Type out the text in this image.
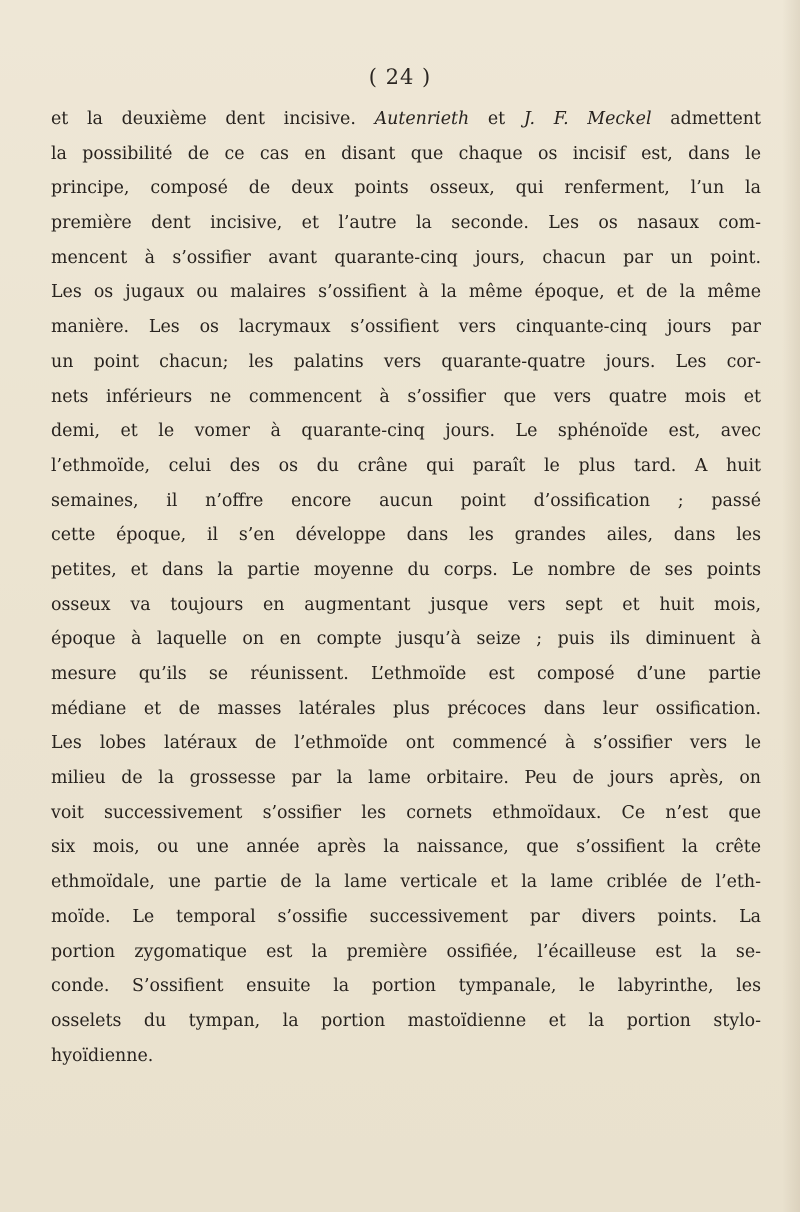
( 24 )
et la deuxième dent incisive. Autenrieth et J. F. Meckel admettent
la possibilité de ce cas en disant que chaque os incisif est, dans le
principe, composé de deux points osseux, qui renferment, l’un la
première dent incisive, et l’autre la seconde. Les os nasaux com-
mencent à s’ossifier avant quarante-cinq jours, chacun par un point.
Les os jugaux ou malaires s’ossifient à la même époque, et de la même
manière. Les os lacrymaux s’ossifient vers cinquante-cinq jours par
un point chacun; les palatins vers quarante-quatre jours. Les cor-
nets inférieurs ne commencent à s’ossifier que vers quatre mois et
demi, et le vomer à quarante-cinq jours. Le sphénoïde est, avec
l’ethmoïde, celui des os du crâne qui paraît le plus tard. A huit
semaines, il n’offre encore aucun point d’ossification ; passé
cette époque, il s’en développe dans les grandes ailes, dans les
petites, et dans la partie moyenne du corps. Le nombre de ses points
osseux va toujours en augmentant jusque vers sept et huit mois,
époque à laquelle on en compte jusqu’à seize ; puis ils diminuent à
mesure qu’ils se réunissent. L’ethmoïde est composé d’une partie
médiane et de masses latérales plus précoces dans leur ossification.
Les lobes latéraux de l’ethmoïde ont commencé à s’ossifier vers le
milieu de la grossesse par la lame orbitaire. Peu de jours après, on
voit successivement s’ossifier les cornets ethmoïdaux. Ce n’est que
six mois, ou une année après la naissance, que s’ossifient la crête
ethmoïdale, une partie de la lame verticale et la lame criblée de l’eth-
moïde. Le temporal s’ossifie successivement par divers points. La
portion zygomatique est la première ossifiée, l’écailleuse est la se-
conde. S’ossifient ensuite la portion tympanale, le labyrinthe, les
osselets du tympan, la portion mastoïdienne et la portion stylo-
hyoïdienne.
